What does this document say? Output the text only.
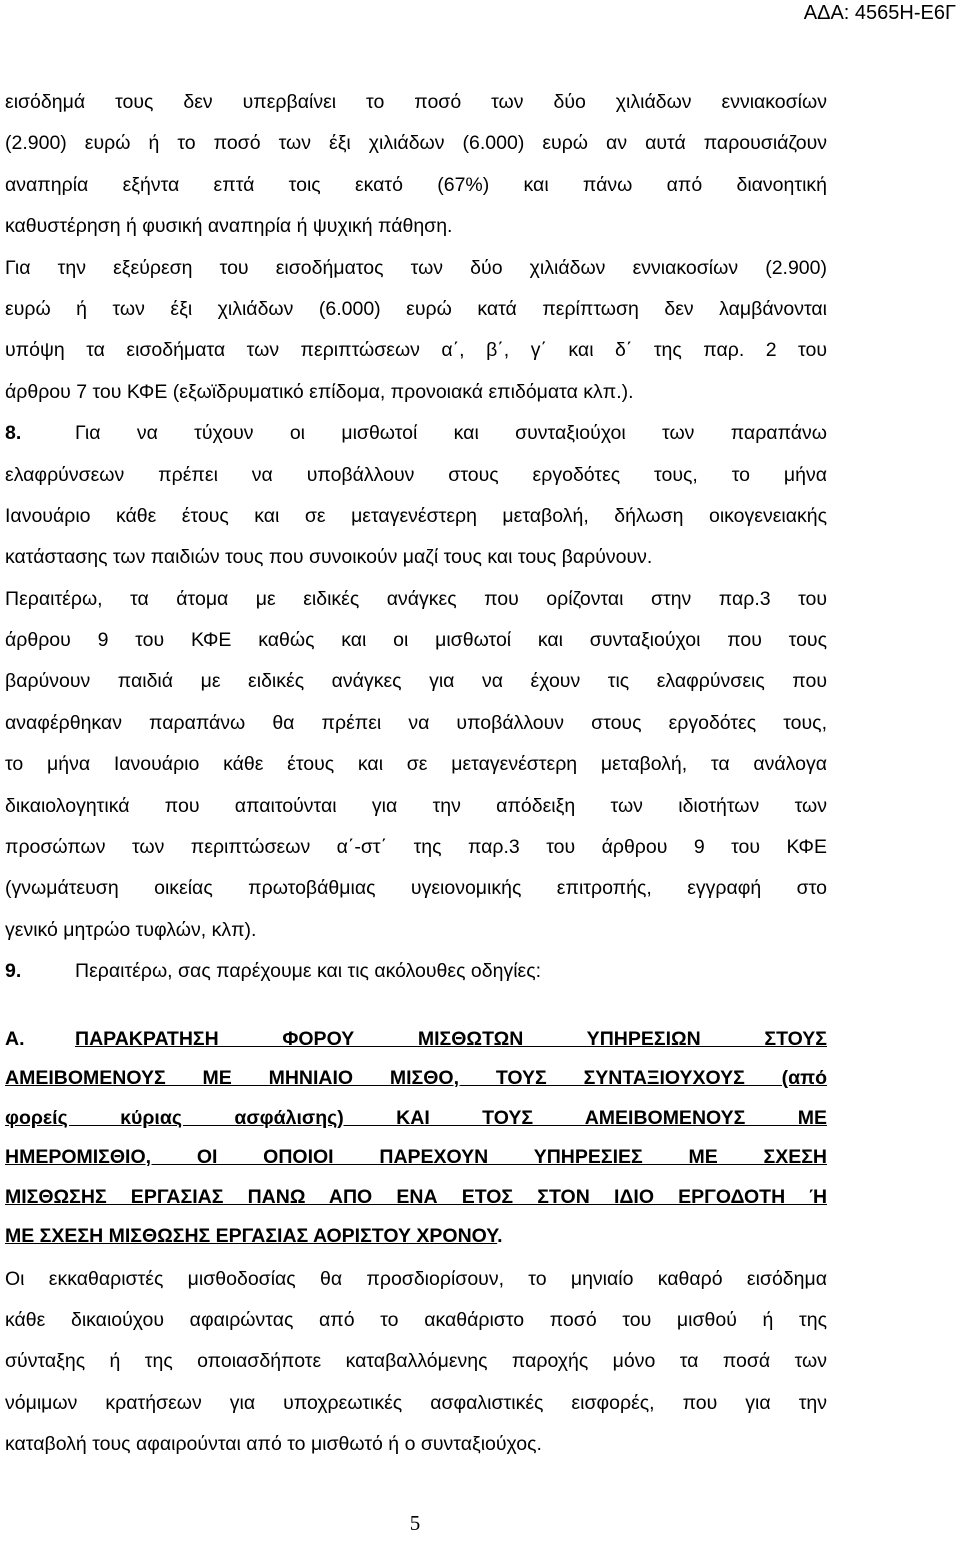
ΑΔΑ: 4565Η-Ε6Γ
εισόδημά τους δεν υπερβαίνει το ποσό των δύο χιλιάδων εννιακοσίων
(2.900) ευρώ ή το ποσό των έξι χιλιάδων (6.000) ευρώ αν αυτά παρουσιάζουν
αναπηρία εξήντα επτά τοις εκατό (67%) και πάνω από διανοητική
καθυστέρηση ή φυσική αναπηρία ή ψυχική πάθηση.
Για την εξεύρεση του εισοδήματος των δύο χιλιάδων εννιακοσίων (2.900)
ευρώ ή των έξι χιλιάδων (6.000) ευρώ κατά περίπτωση δεν λαμβάνονται
υπόψη τα εισοδήματα των περιπτώσεων α΄, β΄, γ΄ και δ΄ της παρ. 2 του
άρθρου 7 του ΚΦΕ (εξωϊδρυματικό επίδομα, προνοιακά επιδόματα κλπ.).
8.	Για να τύχουν οι μισθωτοί και συνταξιούχοι των παραπάνω
ελαφρύνσεων πρέπει να υποβάλλουν στους εργοδότες τους, το μήνα
Ιανουάριο κάθε έτους και σε μεταγενέστερη μεταβολή, δήλωση οικογενειακής
κατάστασης των παιδιών τους που συνοικούν μαζί τους και τους βαρύνουν.
Περαιτέρω, τα άτομα με ειδικές ανάγκες που ορίζονται στην παρ.3 του
άρθρου 9 του ΚΦΕ καθώς και οι μισθωτοί και συνταξιούχοι που τους
βαρύνουν παιδιά με ειδικές ανάγκες για να έχουν τις ελαφρύνσεις που
αναφέρθηκαν παραπάνω θα πρέπει να υποβάλλουν στους εργοδότες τους,
το μήνα Ιανουάριο κάθε έτους και σε μεταγενέστερη μεταβολή, τα ανάλογα
δικαιολογητικά που απαιτούνται για την απόδειξη των ιδιοτήτων των
προσώπων των περιπτώσεων α΄-στ΄ της παρ.3 του άρθρου 9 του ΚΦΕ
(γνωμάτευση οικείας πρωτοβάθμιας υγειονομικής επιτροπής, εγγραφή στο
γενικό μητρώο τυφλών, κλπ).
9.	Περαιτέρω, σας παρέχουμε και τις ακόλουθες οδηγίες:
Α.	ΠΑΡΑΚΡΑΤΗΣΗ ΦΟΡΟΥ ΜΙΣΘΩΤΩΝ ΥΠΗΡΕΣΙΩΝ ΣΤΟΥΣ
ΑΜΕΙΒΟΜΕΝΟΥΣ ΜΕ ΜΗΝΙΑΙΟ ΜΙΣΘΟ, ΤΟΥΣ ΣΥΝΤΑΞΙΟΥΧΟΥΣ (από
φορείς κύριας ασφάλισης) ΚΑΙ ΤΟΥΣ ΑΜΕΙΒΟΜΕΝΟΥΣ ΜΕ
ΗΜΕΡΟΜΙΣΘΙΟ, ΟΙ ΟΠΟΙΟΙ ΠΑΡΕΧΟΥΝ ΥΠΗΡΕΣΙΕΣ ΜΕ ΣΧΕΣΗ
ΜΙΣΘΩΣΗΣ ΕΡΓΑΣΙΑΣ ΠΑΝΩ ΑΠΟ ΕΝΑ ΕΤΟΣ ΣΤΟΝ ΙΔΙΟ ΕΡΓΟΔΟΤΗ Ή
ΜΕ ΣΧΕΣΗ ΜΙΣΘΩΣΗΣ ΕΡΓΑΣΙΑΣ ΑΟΡΙΣΤΟΥ ΧΡΟΝΟΥ.
Οι εκκαθαριστές μισθοδοσίας θα προσδιορίσουν, το μηνιαίο καθαρό εισόδημα
κάθε δικαιούχου αφαιρώντας από το ακαθάριστο ποσό του μισθού ή της
σύνταξης ή της οποιασδήποτε καταβαλλόμενης παροχής μόνο τα ποσά των
νόμιμων κρατήσεων για υποχρεωτικές ασφαλιστικές εισφορές, που για την
καταβολή τους αφαιρούνται από το μισθωτό ή ο συνταξιούχος.
5
